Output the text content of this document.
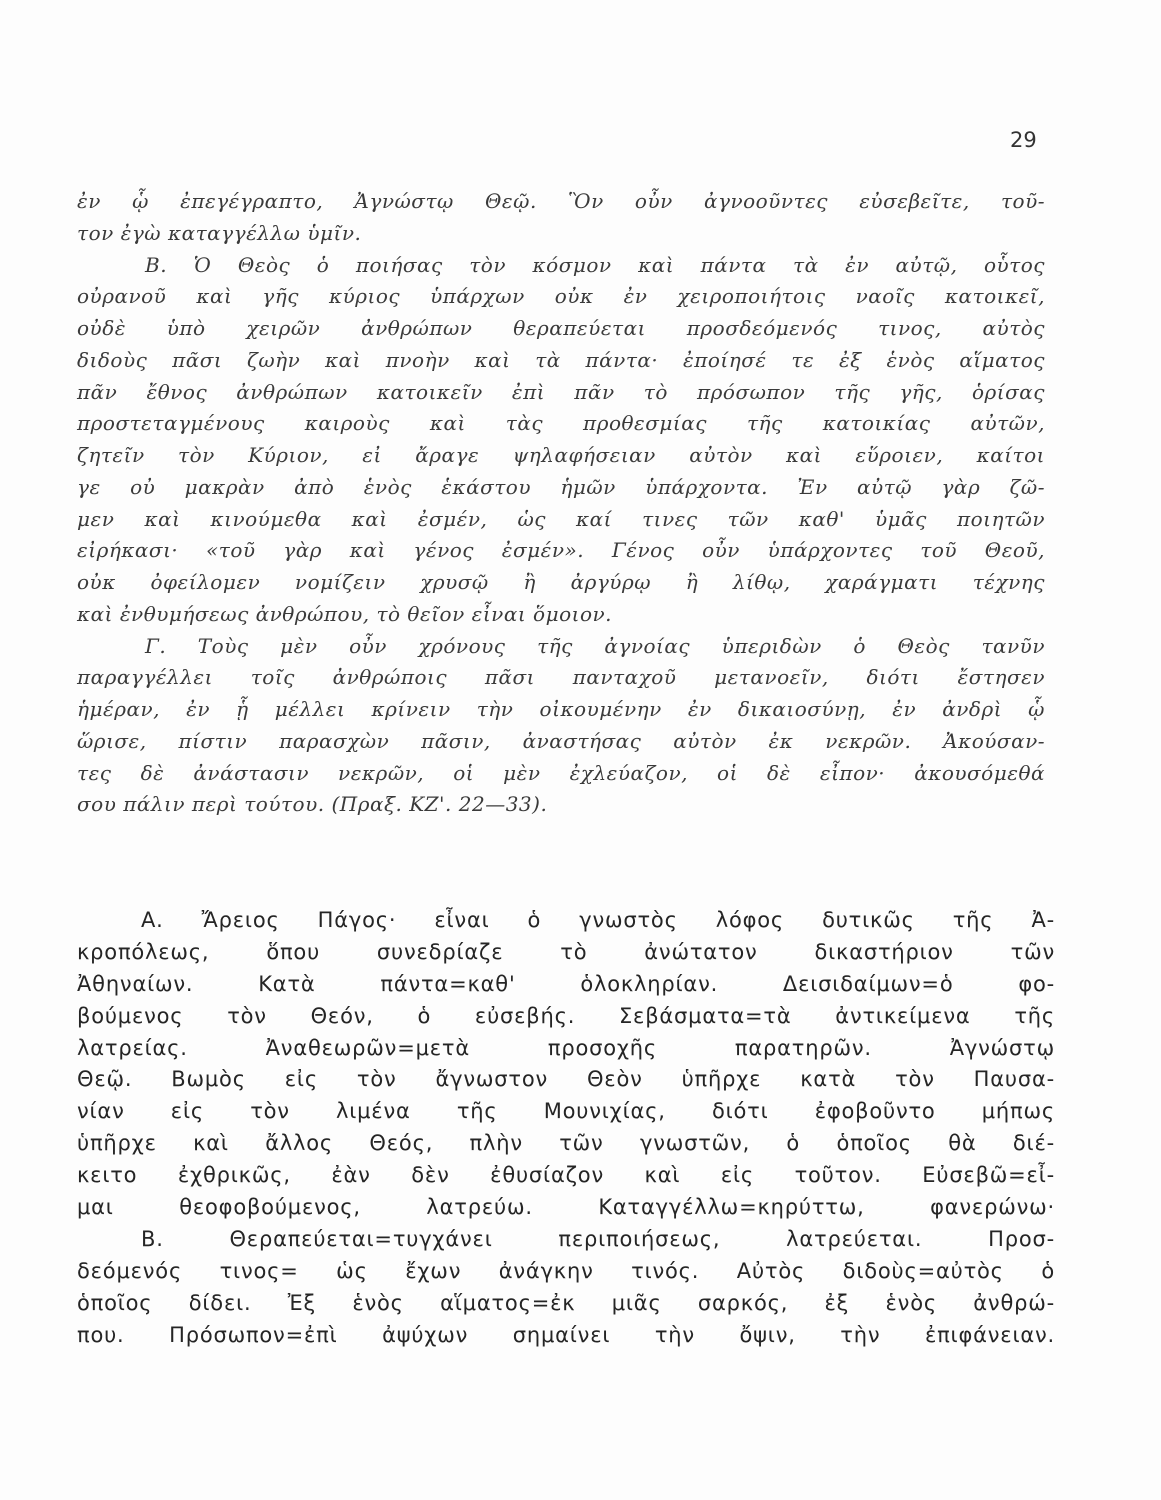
29
ἐν ᾧ ἐπεγέγραπτο, Ἀγνώστῳ Θεῷ. Ὃν οὖν ἀγνοοῦντες εὐσεβεῖτε, τοῦ-
τον ἐγὼ καταγγέλλω ὑμῖν.
Β. Ὁ Θεὸς ὁ ποιήσας τὸν κόσμον καὶ πάντα τὰ ἐν αὐτῷ, οὗτος
οὐρανοῦ καὶ γῆς κύριος ὑπάρχων οὐκ ἐν χειροποιήτοις ναοῖς κατοικεῖ,
οὐδὲ ὑπὸ χειρῶν ἀνθρώπων θεραπεύεται προσδεόμενός τινος, αὐτὸς
διδοὺς πᾶσι ζωὴν καὶ πνοὴν καὶ τὰ πάντα· ἐποίησέ τε ἐξ ἑνὸς αἵματος
πᾶν ἔθνος ἀνθρώπων κατοικεῖν ἐπὶ πᾶν τὸ πρόσωπον τῆς γῆς, ὁρίσας
προστεταγμένους καιροὺς καὶ τὰς προθεσμίας τῆς κατοικίας αὐτῶν,
ζητεῖν τὸν Κύριον, εἰ ἄραγε ψηλαφήσειαν αὐτὸν καὶ εὕροιεν, καίτοι
γε οὐ μακρὰν ἀπὸ ἑνὸς ἑκάστου ἡμῶν ὑπάρχοντα. Ἐν αὐτῷ γὰρ ζῶ-
μεν καὶ κινούμεθα καὶ ἐσμέν, ὡς καί τινες τῶν καθ' ὑμᾶς ποιητῶν
εἰρήκασι· «τοῦ γὰρ καὶ γένος ἐσμέν». Γένος οὖν ὑπάρχοντες τοῦ Θεοῦ,
οὐκ ὀφείλομεν νομίζειν χρυσῷ ἢ ἀργύρῳ ἢ λίθῳ, χαράγματι τέχνης
καὶ ἐνθυμήσεως ἀνθρώπου, τὸ θεῖον εἶναι ὅμοιον.
Γ. Τοὺς μὲν οὖν χρόνους τῆς ἀγνοίας ὑπεριδὼν ὁ Θεὸς τανῦν
παραγγέλλει τοῖς ἀνθρώποις πᾶσι πανταχοῦ μετανοεῖν, διότι ἔστησεν
ἡμέραν, ἐν ᾗ μέλλει κρίνειν τὴν οἰκουμένην ἐν δικαιοσύνῃ, ἐν ἀνδρὶ ᾧ
ὥρισε, πίστιν παρασχὼν πᾶσιν, ἀναστήσας αὐτὸν ἐκ νεκρῶν. Ἀκούσαν-
τες δὲ ἀνάστασιν νεκρῶν, οἱ μὲν ἐχλεύαζον, οἱ δὲ εἶπον· ἀκουσόμεθά
σου πάλιν περὶ τούτου. (Πραξ. ΚΖ'. 22—33).
Α. Ἄρειος Πάγος· εἶναι ὁ γνωστὸς λόφος δυτικῶς τῆς Ἀ-
κροπόλεως, ὅπου συνεδρίαζε τὸ ἀνώτατον δικαστήριον τῶν
Ἀθηναίων. Κατὰ πάντα=καθ' ὁλοκληρίαν. Δεισιδαίμων=ὁ φο-
βούμενος τὸν Θεόν, ὁ εὐσεβής. Σεβάσματα=τὰ ἀντικείμενα τῆς
λατρείας. Ἀναθεωρῶν=μετὰ προσοχῆς παρατηρῶν. Ἀγνώστῳ
Θεῷ. Βωμὸς εἰς τὸν ἄγνωστον Θεὸν ὑπῆρχε κατὰ τὸν Παυσα-
νίαν εἰς τὸν λιμένα τῆς Μουνιχίας, διότι ἐφοβοῦντο μήπως
ὑπῆρχε καὶ ἄλλος Θεός, πλὴν τῶν γνωστῶν, ὁ ὁποῖος θὰ διέ-
κειτο ἐχθρικῶς, ἐὰν δὲν ἐθυσίαζον καὶ εἰς τοῦτον. Εὐσεβῶ=εἶ-
μαι θεοφοβούμενος, λατρεύω. Καταγγέλλω=κηρύττω, φανερώνω·
Β. Θεραπεύεται=τυγχάνει περιποιήσεως, λατρεύεται. Προσ-
δεόμενός τινος= ὡς ἔχων ἀνάγκην τινός. Αὐτὸς διδοὺς=αὐτὸς ὁ
ὁποῖος δίδει. Ἐξ ἑνὸς αἵματος=ἐκ μιᾶς σαρκός, ἐξ ἑνὸς ἀνθρώ-
που. Πρόσωπον=ἐπὶ ἀψύχων σημαίνει τὴν ὄψιν, τὴν ἐπιφάνειαν.
